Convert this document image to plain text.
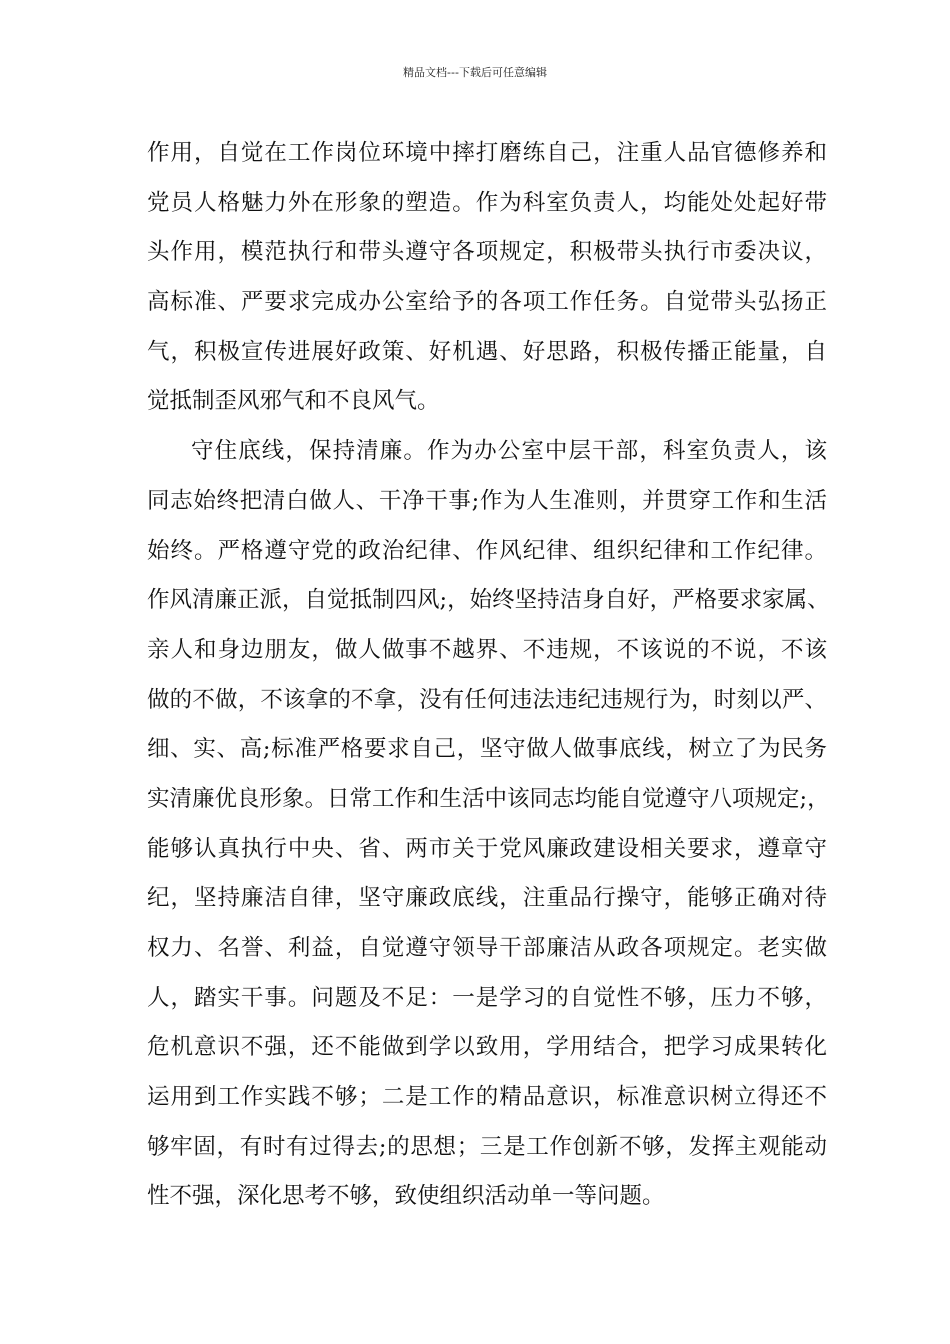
精品文档---下载后可任意编辑
作用，自觉在工作岗位环境中摔打磨练自己，注重人品官德修养和
党员人格魅力外在形象的塑造。作为科室负责人，均能处处起好带
头作用，模范执行和带头遵守各项规定，积极带头执行市委决议，
高标准、严要求完成办公室给予的各项工作任务。自觉带头弘扬正
气，积极宣传进展好政策、好机遇、好思路，积极传播正能量，自
觉抵制歪风邪气和不良风气。
守住底线，保持清廉。作为办公室中层干部，科室负责人，该
同志始终把清白做人、干净干事;作为人生准则，并贯穿工作和生活
始终。严格遵守党的政治纪律、作风纪律、组织纪律和工作纪律。
作风清廉正派，自觉抵制四风;，始终坚持洁身自好，严格要求家属、
亲人和身边朋友，做人做事不越界、不违规，不该说的不说，不该
做的不做，不该拿的不拿，没有任何违法违纪违规行为，时刻以严、
细、实、高;标准严格要求自己，坚守做人做事底线，树立了为民务
实清廉优良形象。日常工作和生活中该同志均能自觉遵守八项规定;，
能够认真执行中央、省、两市关于党风廉政建设相关要求，遵章守
纪，坚持廉洁自律，坚守廉政底线，注重品行操守，能够正确对待
权力、名誉、利益，自觉遵守领导干部廉洁从政各项规定。老实做
人，踏实干事。问题及不足：一是学习的自觉性不够，压力不够，
危机意识不强，还不能做到学以致用，学用结合，把学习成果转化
运用到工作实践不够；二是工作的精品意识，标准意识树立得还不
够牢固，有时有过得去;的思想；三是工作创新不够，发挥主观能动
性不强，深化思考不够，致使组织活动单一等问题。
